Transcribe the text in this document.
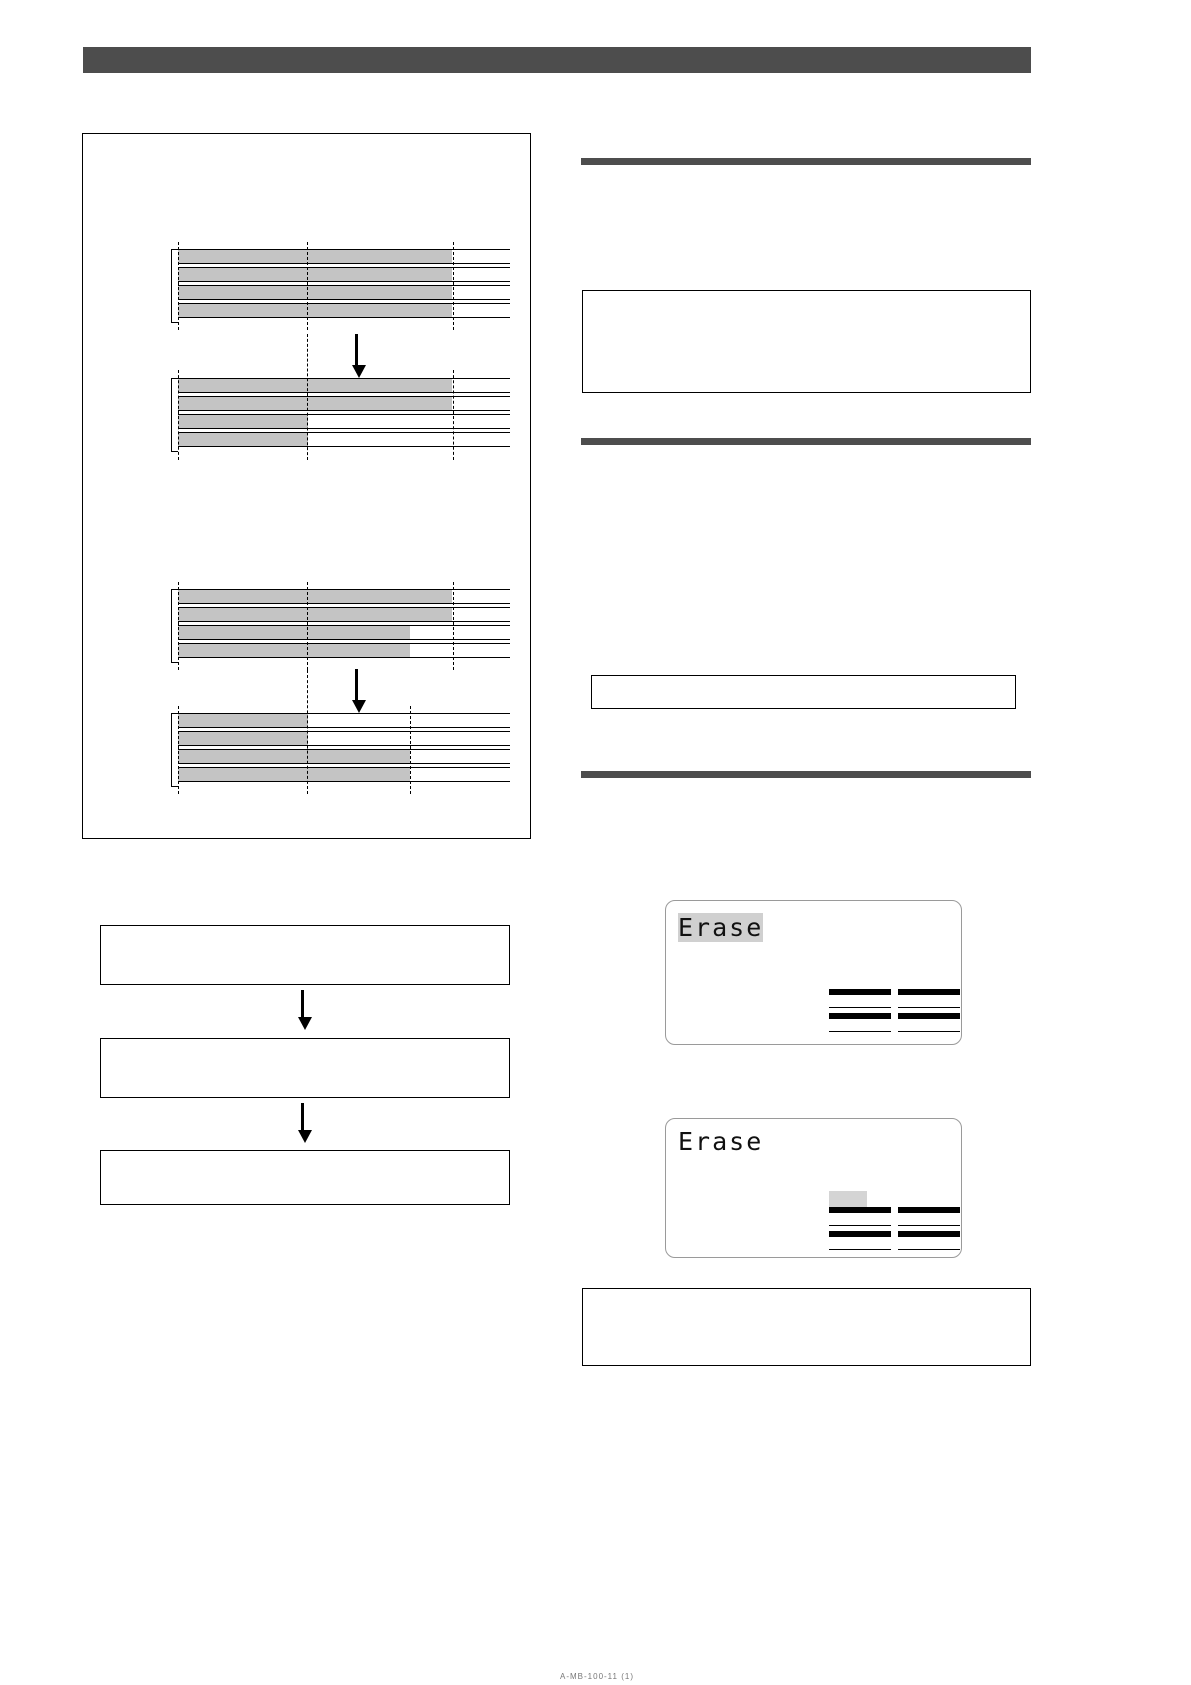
Erase
Erase
A-MB-100-11 (1)
